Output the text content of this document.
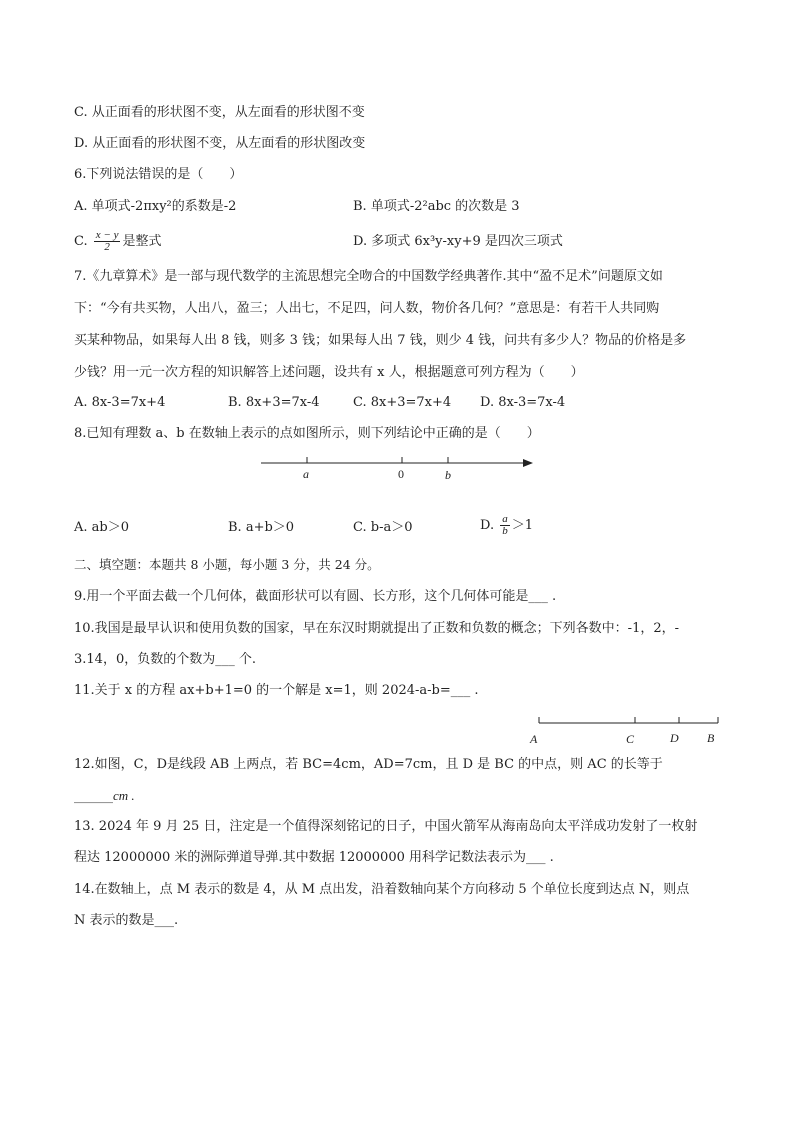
C. 从正面看的形状图不变，从左面看的形状图不变
D. 从正面看的形状图不变，从左面看的形状图改变
6.下列说法错误的是（　　）
A. 单项式-2πxy²的系数是-2	B. 单项式-2²abc 的次数是 3
C. $\frac{x - y}{2}$ 是整式	D. 多项式 6x³y-xy+9 是四次三项式
7.《九章算术》是一部与现代数学的主流思想完全吻合的中国数学经典著作.其中“盈不足术”问题原文如
下：“今有共买物，人出八，盈三；人出七，不足四，问人数，物价各几何？”意思是：有若干人共同购
买某种物品，如果每人出 8 钱，则多 3 钱；如果每人出 7 钱，则少 4 钱，问共有多少人？物品的价格是多
少钱？用一元一次方程的知识解答上述问题，设共有 x 人，根据题意可列方程为（　　）
A. 8x-3=7x+4	B. 8x+3=7x-4	C. 8x+3=7x+4 D. 8x-3=7x-4
8.已知有理数 a、b 在数轴上表示的点如图所示，则下列结论中正确的是（　　）
a	0	b
A. ab＞0	B. a+b＞0	C. b-a＞0	D. $\frac{a}{b} >1$
二、填空题：本题共 8 小题，每小题 3 分，共 24 分。
9.用一个平面去截一个几何体，截面形状可以有圆、长方形，这个几何体可能是___ .
10.我国是最早认识和使用负数的国家，早在东汉时期就提出了正数和负数的概念；下列各数中：-1，2，-
3.14，0，负数的个数为___ 个.
11.关于 x 的方程 ax+b+1=0 的一个解是 x=1，则 2024-a-b=___ .
A	C	D B
12.如图，C，D是线段 AB 上两点，若 BC=4cm，AD=7cm，且 D 是 BC 的中点，则 AC 的长等于
______cm .
13. 2024 年 9 月 25 日，注定是一个值得深刻铭记的日子，中国火箭军从海南岛向太平洋成功发射了一枚射
程达 12000000 米的洲际弹道导弹.其中数据 12000000 用科学记数法表示为___ .
14.在数轴上，点 M 表示的数是 4，从 M 点出发，沿着数轴向某个方向移动 5 个单位长度到达点 N，则点
N 表示的数是___.
